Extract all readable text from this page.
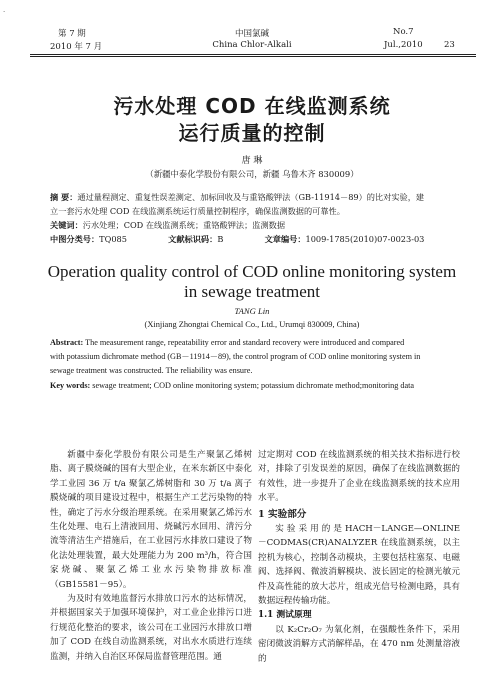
·
第 7 期
2010 年 7 月
中国氯碱
China Chlor-Alkali
No.7
Jul.,2010	23
污水处理 COD 在线监测系统
运行质量的控制
唐 琳
（新疆中泰化学股份有限公司，新疆 乌鲁木齐 830009）
摘 要：通过量程测定、重复性误差测定、加标回收及与重铬酸钾法（GB-11914－89）的比对实验，建
立一套污水处理 COD 在线监测系统运行质量控制程序，确保监测数据的可靠性。
关键词：污水处理；COD 在线监测系统；重铬酸钾法；监测数据
中图分类号：TQ085	文献标识码：B	文章编号：1009-1785(2010)07-0023-03
Operation quality control of COD online monitoring system
in sewage treatment
TANG Lin
(Xinjiang Zhongtai Chemical Co., Ltd., Urumqi 830009, China)
Abstract: The measurement range, repeatability error and standard recovery were introduced and compared
with potassium dichromate method (GB－11914－89), the control program of COD online monitoring system in
sewage treatment was constructed. The reliability was ensure.
Key words: sewage treatment; COD online monitoring system; potassium dichromate method;monitoring data

新疆中泰化学股份有限公司是生产聚氯乙烯树脂、离子膜烧碱的国有大型企业，在米东新区中泰化学工业园 36 万 t/a 聚氯乙烯树脂和 30 万 t/a 离子膜烧碱的项目建设过程中，根据生产工艺污染物的特性，确定了污水分级治理系统。在采用聚氯乙烯污水生化处理、电石上清液回用、烧碱污水回用、清污分流等清洁生产措施后，在工业园污水排放口建设了物化法处理装置，最大处理能力为 200 m³/h，符合国家烧碱、聚氯乙烯工业水污染物排放标准（GB15581－95）。

为及时有效地监督污水排放口污水的达标情况，并根据国家关于加强环境保护，对工业企业排污口进行规范化整治的要求，该公司在工业园污水排放口增加了 COD 在线自动监测系统，对出水水质进行连续监测，并纳入自治区环保局监督管理范围。通

过定期对 COD 在线监测系统的相关技术指标进行校对，排除了引发误差的原因，确保了在线监测数据的有效性，进一步提升了企业在线监测系统的技术应用水平。

1 实验部分

实 验 采 用 的 是 HACH－LANGE—ONLINE－CODMAS(CR)ANALYZER 在线监测系统，以主控机为核心，控制各动模块，主要包括柱塞泵、电磁阀、选择阀、微波消解模块、波长固定的检测光敏元件及高性能的放大芯片，组成光信号检测电路，具有数据远程传输功能。

1.1 测试原理

以 K₂Cr₂O₇ 为氧化剂，在强酸性条件下，采用密闭微波消解方式消解样品，在 470 nm 处测量溶液的
